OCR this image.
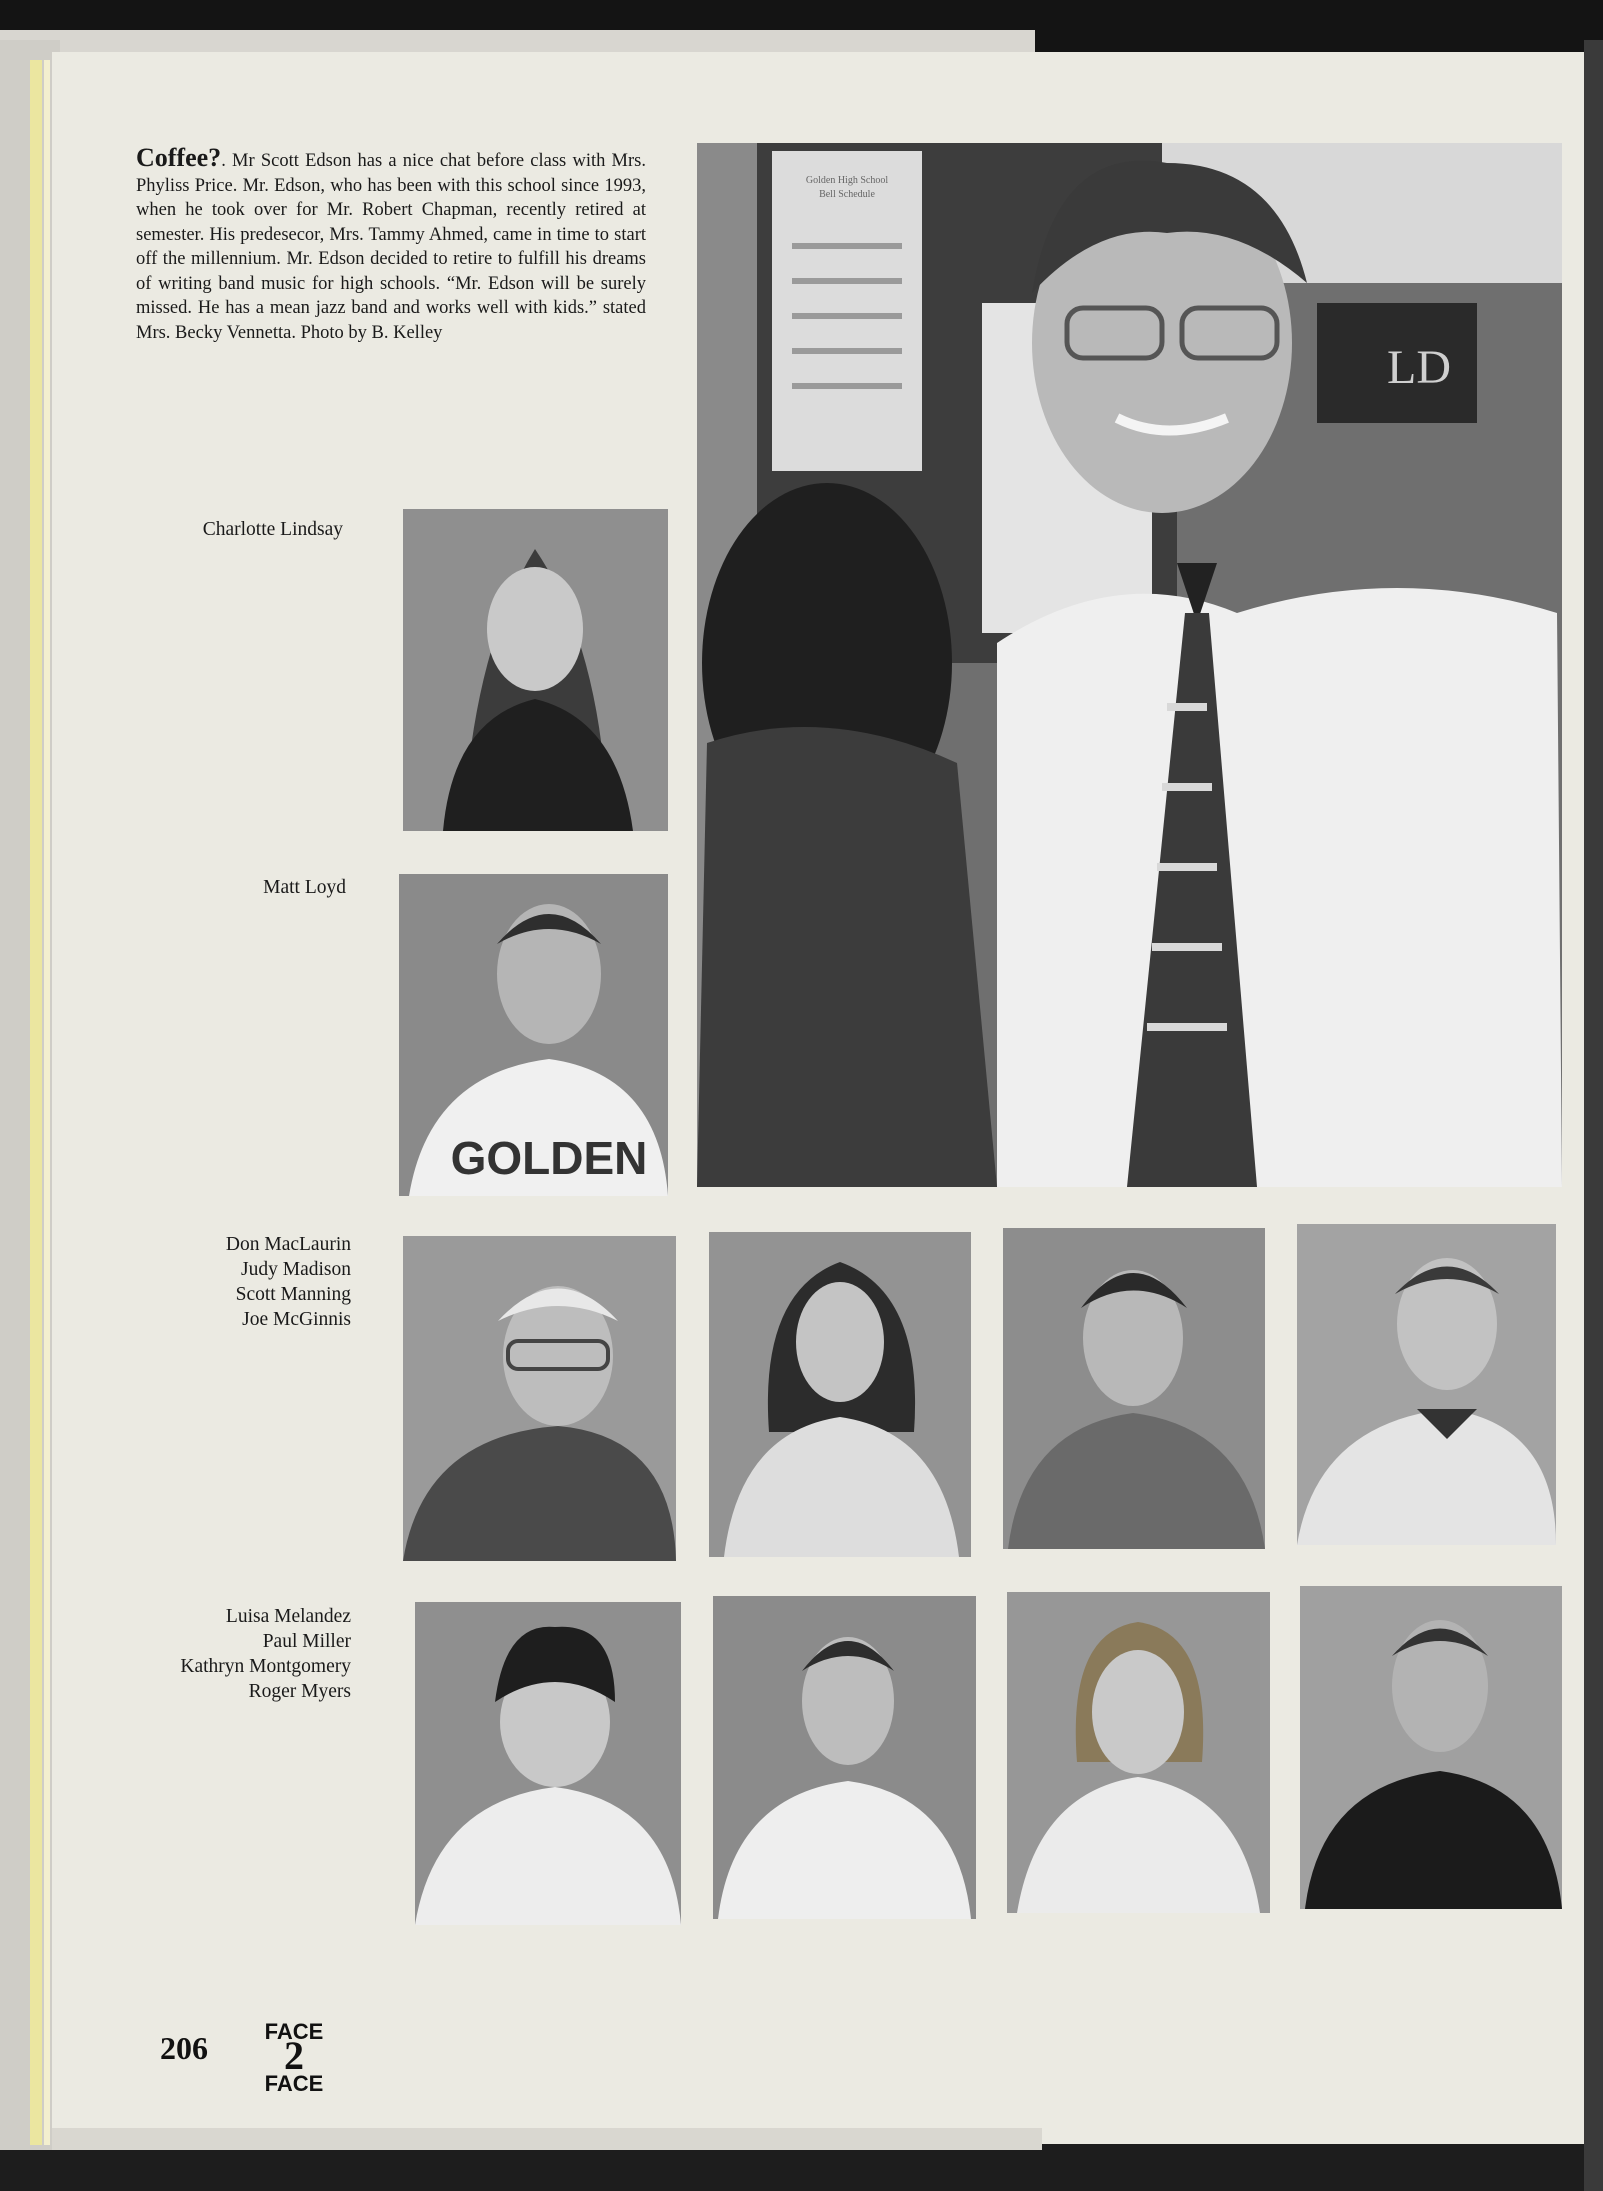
Coffee?. Mr Scott Edson has a nice chat before class with Mrs. Phyliss Price. Mr. Edson, who has been with this school since 1993, when he took over for Mr. Robert Chapman, recently retired at semester. His predesecor, Mrs. Tammy Ahmed, came in time to start off the millennium. Mr. Edson decided to retire to fulfill his dreams of writing band music for high schools. “Mr. Edson will be surely missed. He has a mean jazz band and works well with kids.” stated Mrs. Becky Vennetta. Photo by B. Kelley
Charlotte Lindsay
Matt Loyd
Don MacLaurin
Judy Madison
Scott Manning
Joe McGinnis
Luisa Melandez
Paul Miller
Kathryn Montgomery
Roger Myers
LD
Golden High School
Bell Schedule
GOLDEN
206	FACE
2
FACE
